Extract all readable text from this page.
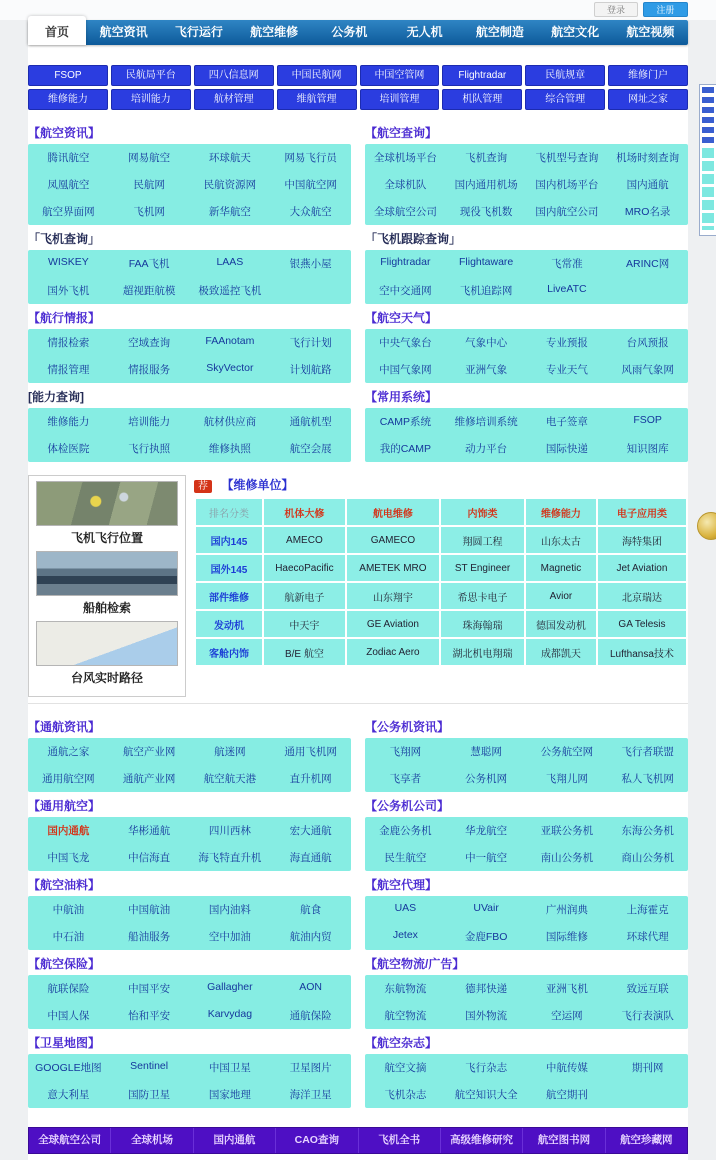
登录	注册
首页	航空资讯	飞行运行	航空维修	公务机	无人机	航空制造	航空文化	航空视频
FSOP	民航局平台	四八信息网	中国民航网	中国空管网	Flightradar	民航规章	维修门户
维修能力	培训能力	航材管理	维航管理	培训管理	机队管理	综合管理	网址之家
【航空资讯】
腾讯航空	网易航空	环球航天	网易飞行员
凤凰航空	民航网	民航资源网	中国航空网
航空界面网	飞机网	新华航空	大众航空
「飞机查询」
WISKEY	FAA飞机	LAAS	银燕小屋
国外飞机	超视距航模	极致遥控飞机
【航行情报】
情报检索	空域查询	FAAnotam	飞行计划
情报管理	情报服务	SkyVector	计划航路
[能力查询]
维修能力	培训能力	航材供应商	通航机型
体检医院	飞行执照	维修执照	航空会展
【航空查询】
全球机场平台	飞机查询	飞机型号查询	机场时刻查询
全球机队	国内通用机场	国内机场平台	国内通航
全球航空公司	现役飞机数	国内航空公司	MRO名录
「飞机跟踪查询」
Flightradar	Flightaware	飞常准	ARINC网
空中交通网	飞机追踪网	LiveATC
【航空天气】
中央气象台	气象中心	专业预报	台风预报
中国气象网	亚洲气象	专业天气	风雨气象网
【常用系统】
CAMP系统	维修培训系统	电子签章	FSOP
我的CAMP	动力平台	国际快递	知识图库
飞机飞行位置
船舶检索
台风实时路径
荐 【维修单位】
排名分类	机体大修	航电维修	内饰类	维修能力	电子应用类
国内145	AMECO	GAMECO	翔圆工程	山东太古	海特集团
国外145	HaecoPacific	AMETEK MRO	ST Engineer	Magnetic	Jet Aviation
部件维修	航新电子	山东翔宇	希思卡电子	Avior	北京瑞达
发动机	中天宇	GE Aviation	珠海翰瑞	德国发动机	GA Telesis
客舱内饰	B/E 航空	Zodiac Aero	湖北机电翔瑞	成都凯天	Lufthansa技术
【通航资讯】
通航之家	航空产业网	航迷网	通用飞机网
通用航空网	通航产业网	航空航天港	直升机网
【通用航空】
国内通航	华彬通航	四川西林	宏大通航
中国飞龙	中信海直	海飞特直升机	海直通航
【航空油料】
中航油	中国航油	国内油料	航食
中石油	船油服务	空中加油	航油内贸
【航空保险】
航联保险	中国平安	Gallagher	AON
中国人保	怡和平安	Karvydag	通航保险
【卫星地图】
GOOGLE地图	Sentinel	中国卫星	卫星图片
意大利星	国防卫星	国家地理	海洋卫星
【公务机资讯】
飞翔网	慧聪网	公务航空网	飞行者联盟
飞享者	公务机网	飞翔儿网	私人飞机网
【公务机公司】
金鹿公务机	华龙航空	亚联公务机	东海公务机
民生航空	中一航空	南山公务机	商山公务机
【航空代理】
UAS	UVair	广州润典	上海霍克
Jetex	金鹿FBO	国际维修	环球代理
【航空物流/广告】
东航物流	德邦快递	亚洲飞机	致远互联
航空物流	国外物流	空运网	飞行表演队
【航空杂志】
航空文摘	飞行杂志	中航传媒	期刊网
飞机杂志	航空知识大全	航空期刊
全球航空公司	全球机场	国内通航	CAO查询	飞机全书	高级维修研究	航空图书网	航空珍藏网
